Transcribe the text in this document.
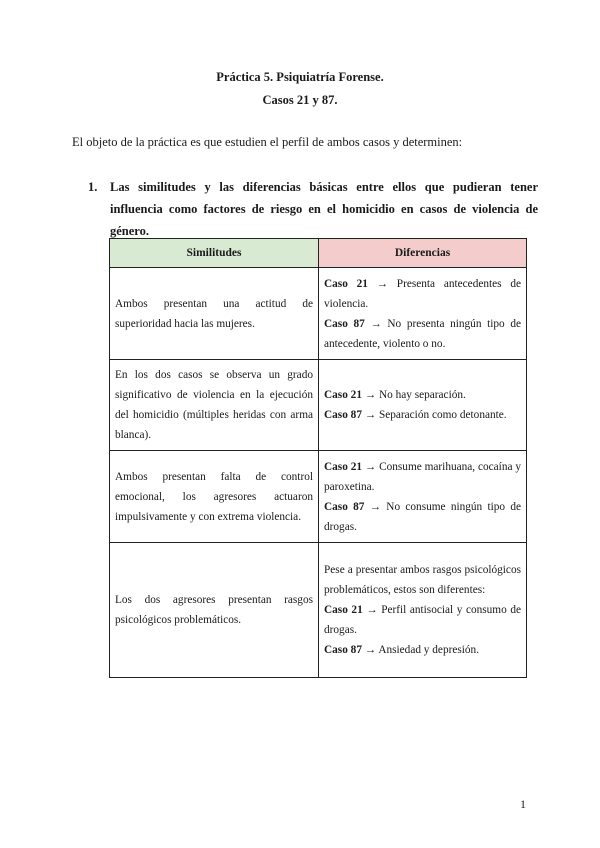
Práctica 5. Psiquiatría Forense.
Casos 21 y 87.
El objeto de la práctica es que estudien el perfil de ambos casos y determinen:
1. Las similitudes y las diferencias básicas entre ellos que pudieran tener influencia como factores de riesgo en el homicidio en casos de violencia de género.
Similitudes	Diferencias

Ambos presentan una actitud de superioridad hacia las mujeres.	Caso 21 → Presenta antecedentes de violencia.

Caso 87 → No presenta ningún tipo de antecedente, violento o no.

En los dos casos se observa un grado significativo de violencia en la ejecución del homicidio (múltiples heridas con arma blanca).	Caso 21 → No hay separación.

Caso 87 → Separación como detonante.

Ambos presentan falta de control emocional, los agresores actuaron impulsivamente y con extrema violencia.	Caso 21 → Consume marihuana, cocaína y paroxetina.

Caso 87 → No consume ningún tipo de drogas.

Los dos agresores presentan rasgos psicológicos problemáticos.	Pese a presentar ambos rasgos psicológicos problemáticos, estos son diferentes:

Caso 21 → Perfil antisocial y consumo de drogas.

Caso 87 → Ansiedad y depresión.

1
